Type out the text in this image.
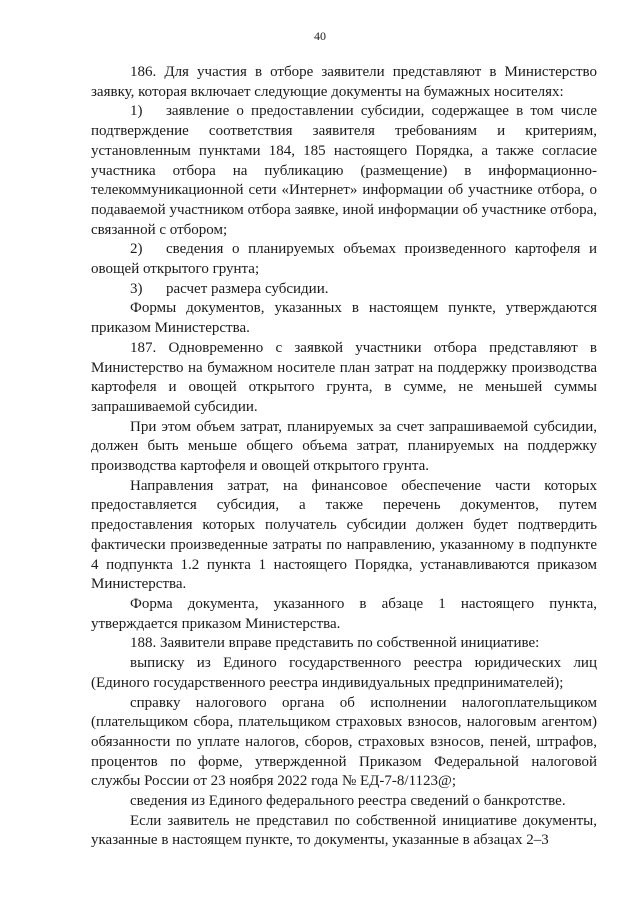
40

186. Для участия в отборе заявители представляют в Министерство заявку, которая включает следующие документы на бумажных носителях:

1) заявление о предоставлении субсидии, содержащее в том числе подтверждение соответствия заявителя требованиям и критериям, установленным пунктами 184, 185 настоящего Порядка, а также согласие участника отбора на публикацию (размещение) в информационно-телекоммуникационной сети «Интернет» информации об участнике отбора, о подаваемой участником отбора заявке, иной информации об участнике отбора, связанной с отбором;

2) сведения о планируемых объемах произведенного картофеля и овощей открытого грунта;

3) расчет размера субсидии.

Формы документов, указанных в настоящем пункте, утверждаются приказом Министерства.

187. Одновременно с заявкой участники отбора представляют в Министерство на бумажном носителе план затрат на поддержку производства картофеля и овощей открытого грунта, в сумме, не меньшей суммы запрашиваемой субсидии.

При этом объем затрат, планируемых за счет запрашиваемой субсидии, должен быть меньше общего объема затрат, планируемых на поддержку производства картофеля и овощей открытого грунта.

Направления затрат, на финансовое обеспечение части которых предоставляется субсидия, а также перечень документов, путем предоставления которых получатель субсидии должен будет подтвердить фактически произведенные затраты по направлению, указанному в подпункте 4 подпункта 1.2 пункта 1 настоящего Порядка, устанавливаются приказом Министерства.

Форма документа, указанного в абзаце 1 настоящего пункта, утверждается приказом Министерства.

188. Заявители вправе представить по собственной инициативе:

выписку из Единого государственного реестра юридических лиц (Единого государственного реестра индивидуальных предпринимателей);

справку налогового органа об исполнении налогоплательщиком (плательщиком сбора, плательщиком страховых взносов, налоговым агентом) обязанности по уплате налогов, сборов, страховых взносов, пеней, штрафов, процентов по форме, утвержденной Приказом Федеральной налоговой службы России от 23 ноября 2022 года № ЕД-7-8/1123@;

сведения из Единого федерального реестра сведений о банкротстве.

Если заявитель не представил по собственной инициативе документы, указанные в настоящем пункте, то документы, указанные в абзацах 2–3
